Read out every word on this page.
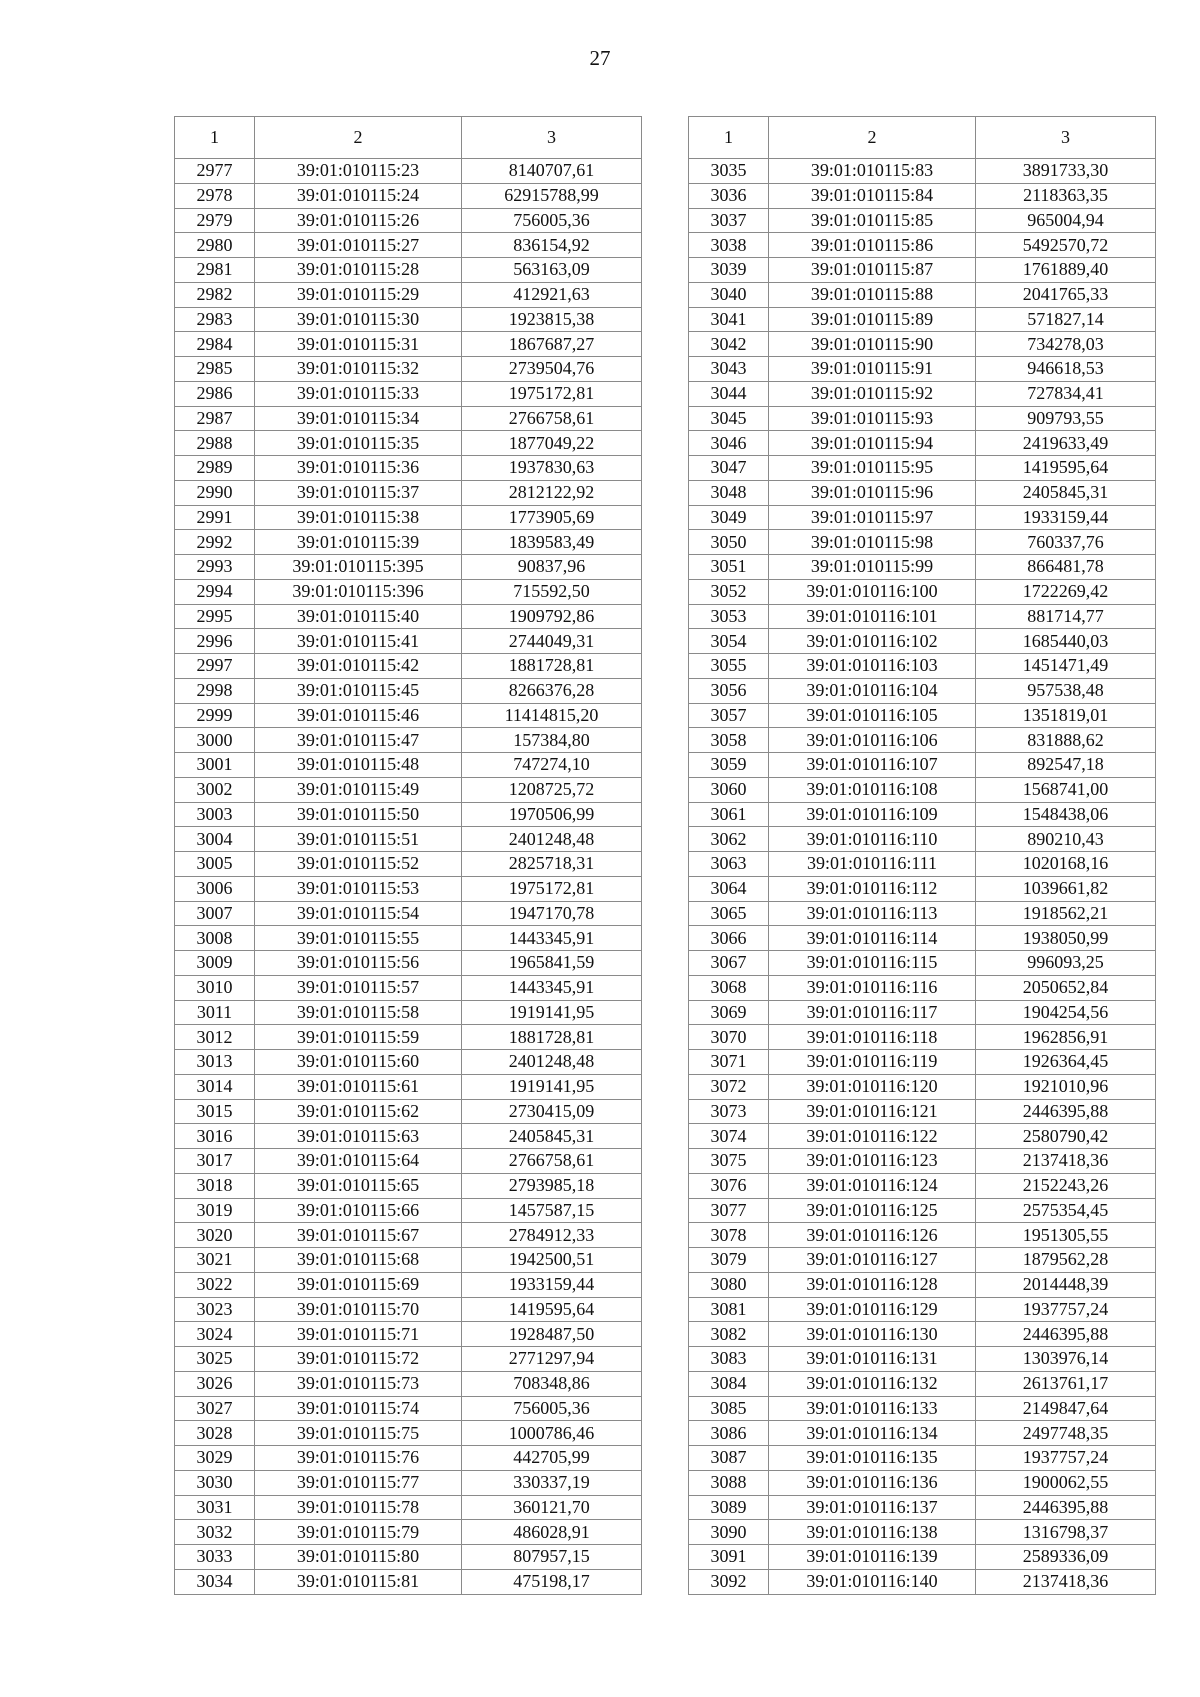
27
1	2	3
2977	39:01:010115:23	8140707,61
2978	39:01:010115:24	62915788,99
2979	39:01:010115:26	756005,36
2980	39:01:010115:27	836154,92
2981	39:01:010115:28	563163,09
2982	39:01:010115:29	412921,63
2983	39:01:010115:30	1923815,38
2984	39:01:010115:31	1867687,27
2985	39:01:010115:32	2739504,76
2986	39:01:010115:33	1975172,81
2987	39:01:010115:34	2766758,61
2988	39:01:010115:35	1877049,22
2989	39:01:010115:36	1937830,63
2990	39:01:010115:37	2812122,92
2991	39:01:010115:38	1773905,69
2992	39:01:010115:39	1839583,49
2993	39:01:010115:395	90837,96
2994	39:01:010115:396	715592,50
2995	39:01:010115:40	1909792,86
2996	39:01:010115:41	2744049,31
2997	39:01:010115:42	1881728,81
2998	39:01:010115:45	8266376,28
2999	39:01:010115:46	11414815,20
3000	39:01:010115:47	157384,80
3001	39:01:010115:48	747274,10
3002	39:01:010115:49	1208725,72
3003	39:01:010115:50	1970506,99
3004	39:01:010115:51	2401248,48
3005	39:01:010115:52	2825718,31
3006	39:01:010115:53	1975172,81
3007	39:01:010115:54	1947170,78
3008	39:01:010115:55	1443345,91
3009	39:01:010115:56	1965841,59
3010	39:01:010115:57	1443345,91
3011	39:01:010115:58	1919141,95
3012	39:01:010115:59	1881728,81
3013	39:01:010115:60	2401248,48
3014	39:01:010115:61	1919141,95
3015	39:01:010115:62	2730415,09
3016	39:01:010115:63	2405845,31
3017	39:01:010115:64	2766758,61
3018	39:01:010115:65	2793985,18
3019	39:01:010115:66	1457587,15
3020	39:01:010115:67	2784912,33
3021	39:01:010115:68	1942500,51
3022	39:01:010115:69	1933159,44
3023	39:01:010115:70	1419595,64
3024	39:01:010115:71	1928487,50
3025	39:01:010115:72	2771297,94
3026	39:01:010115:73	708348,86
3027	39:01:010115:74	756005,36
3028	39:01:010115:75	1000786,46
3029	39:01:010115:76	442705,99
3030	39:01:010115:77	330337,19
3031	39:01:010115:78	360121,70
3032	39:01:010115:79	486028,91
3033	39:01:010115:80	807957,15
3034	39:01:010115:81	475198,17
1	2	3
3035	39:01:010115:83	3891733,30
3036	39:01:010115:84	2118363,35
3037	39:01:010115:85	965004,94
3038	39:01:010115:86	5492570,72
3039	39:01:010115:87	1761889,40
3040	39:01:010115:88	2041765,33
3041	39:01:010115:89	571827,14
3042	39:01:010115:90	734278,03
3043	39:01:010115:91	946618,53
3044	39:01:010115:92	727834,41
3045	39:01:010115:93	909793,55
3046	39:01:010115:94	2419633,49
3047	39:01:010115:95	1419595,64
3048	39:01:010115:96	2405845,31
3049	39:01:010115:97	1933159,44
3050	39:01:010115:98	760337,76
3051	39:01:010115:99	866481,78
3052	39:01:010116:100	1722269,42
3053	39:01:010116:101	881714,77
3054	39:01:010116:102	1685440,03
3055	39:01:010116:103	1451471,49
3056	39:01:010116:104	957538,48
3057	39:01:010116:105	1351819,01
3058	39:01:010116:106	831888,62
3059	39:01:010116:107	892547,18
3060	39:01:010116:108	1568741,00
3061	39:01:010116:109	1548438,06
3062	39:01:010116:110	890210,43
3063	39:01:010116:111	1020168,16
3064	39:01:010116:112	1039661,82
3065	39:01:010116:113	1918562,21
3066	39:01:010116:114	1938050,99
3067	39:01:010116:115	996093,25
3068	39:01:010116:116	2050652,84
3069	39:01:010116:117	1904254,56
3070	39:01:010116:118	1962856,91
3071	39:01:010116:119	1926364,45
3072	39:01:010116:120	1921010,96
3073	39:01:010116:121	2446395,88
3074	39:01:010116:122	2580790,42
3075	39:01:010116:123	2137418,36
3076	39:01:010116:124	2152243,26
3077	39:01:010116:125	2575354,45
3078	39:01:010116:126	1951305,55
3079	39:01:010116:127	1879562,28
3080	39:01:010116:128	2014448,39
3081	39:01:010116:129	1937757,24
3082	39:01:010116:130	2446395,88
3083	39:01:010116:131	1303976,14
3084	39:01:010116:132	2613761,17
3085	39:01:010116:133	2149847,64
3086	39:01:010116:134	2497748,35
3087	39:01:010116:135	1937757,24
3088	39:01:010116:136	1900062,55
3089	39:01:010116:137	2446395,88
3090	39:01:010116:138	1316798,37
3091	39:01:010116:139	2589336,09
3092	39:01:010116:140	2137418,36
